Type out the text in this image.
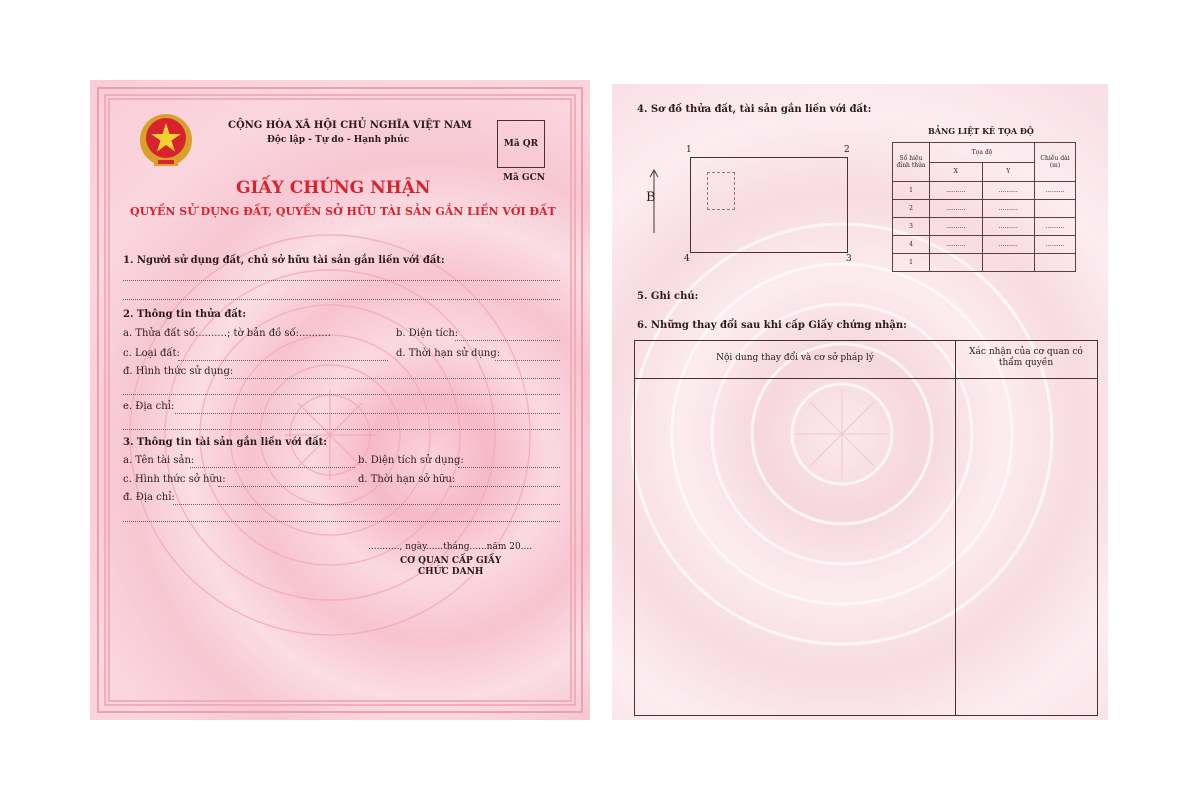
CỘNG HÒA XÃ HỘI CHỦ NGHĨA VIỆT NAM
Độc lập - Tự do - Hạnh phúc	Mã QR
Mã GCN
GIẤY CHỨNG NHẬN
QUYỀN SỬ DỤNG ĐẤT, QUYỀN SỞ HỮU TÀI SẢN GẮN LIỀN VỚI ĐẤT
1. Người sử dụng đất, chủ sở hữu tài sản gắn liền với đất:
2. Thông tin thửa đất:
a. Thửa đất số:.........; tờ bản đồ số:..........	b. Diện tích:
c. Loại đất:	d. Thời hạn sử dụng:
đ. Hình thức sử dụng:
e. Địa chỉ:
3. Thông tin tài sản gắn liền với đất:
a. Tên tài sản:	b. Diện tích sử dụng:
c. Hình thức sở hữu:	d. Thời hạn sở hữu:
đ. Địa chỉ:
..........., ngày......tháng......năm 20....
CƠ QUAN CẤP GIẤY
CHỨC DANH
4. Sơ đồ thửa đất, tài sản gắn liền với đất:
B
1	2
3
4
BẢNG LIỆT KÊ TỌA ĐỘ
Số hiệu đỉnh thửa	Tọa độ		Chiều dài (m)
	X	Y	
1	..........	..........	..........
2	..........	..........	
3	..........	..........	..........
4	..........	..........	..........
1			
5. Ghi chú:
6. Những thay đổi sau khi cấp Giấy chứng nhận:
Nội dung thay đổi và cơ sở pháp lý
Xác nhận của cơ quan có thẩm quyền
